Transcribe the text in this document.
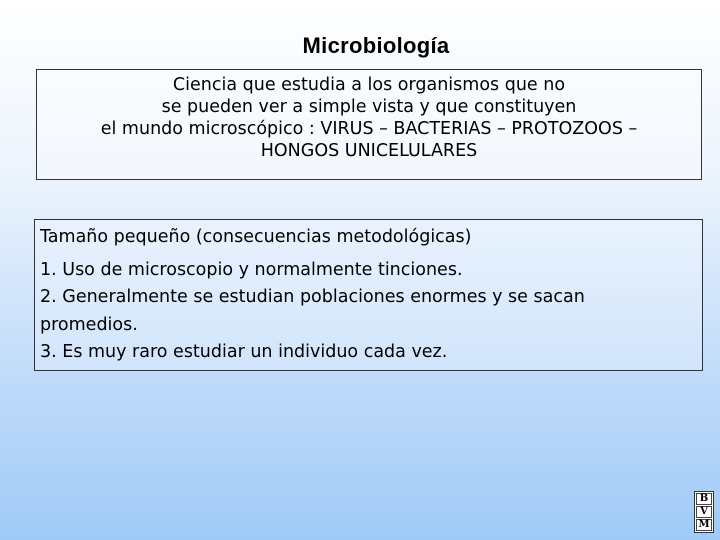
Microbiología
Ciencia que estudia a los organismos que no
se pueden ver a simple vista y que constituyen
el mundo microscópico : VIRUS – BACTERIAS – PROTOZOOS –
HONGOS UNICELULARES
Tamaño pequeño (consecuencias metodológicas)
1. Uso de microscopio y normalmente tinciones.
2. Generalmente se estudian poblaciones enormes y se sacan
promedios.
3. Es muy raro estudiar un individuo cada vez.
B
V
M
